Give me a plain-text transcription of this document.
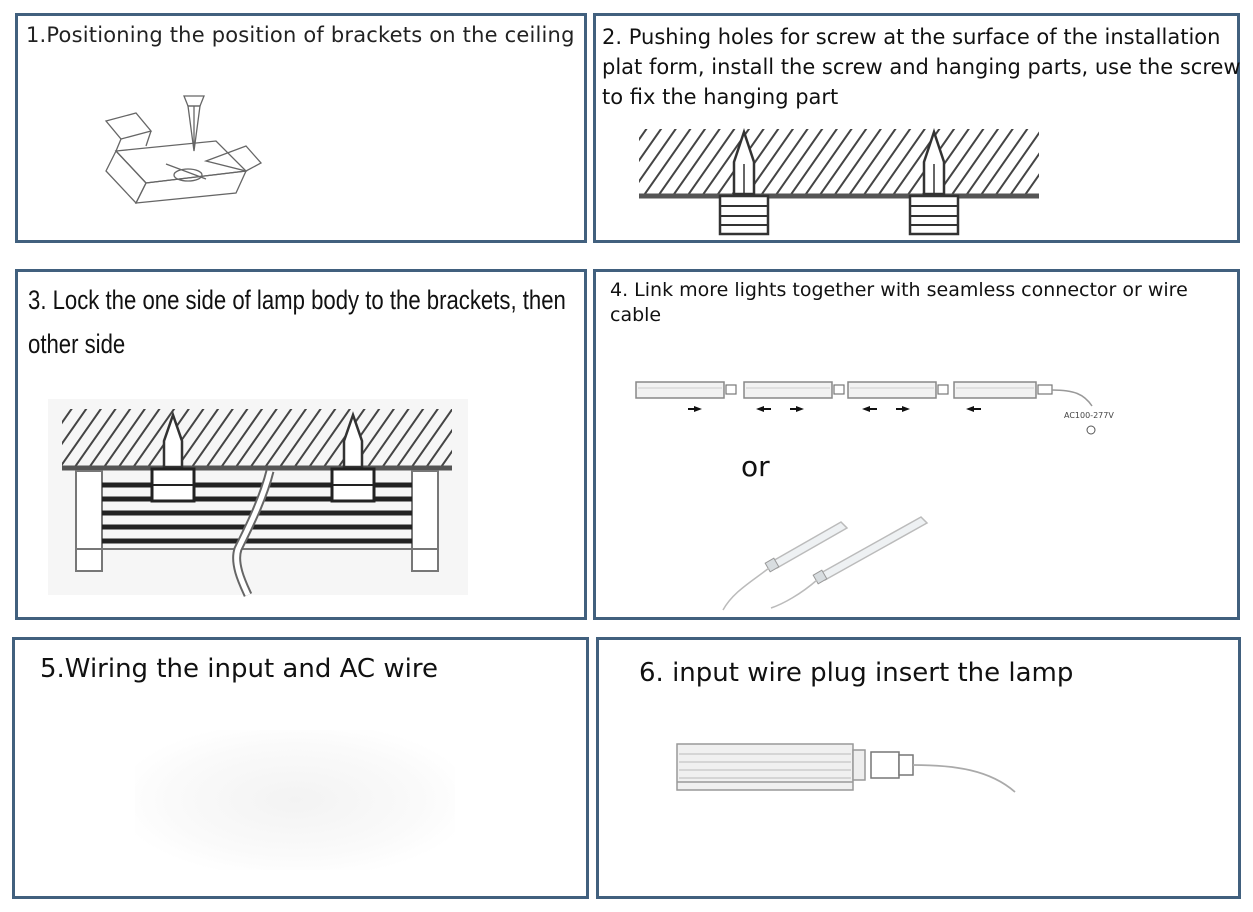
1.Positioning the position of brackets on the ceiling 2. Pushing holes for screw at the surface of the installation plat form, install the screw and hanging parts, use the screw to fix the hanging part

3. Lock the one side of lamp body to the brackets, then other side

4. Link more lights together with seamless connector or wire cable

AC100-277V
or

5.Wiring the input and AC wire	6. input wire plug insert the lamp
